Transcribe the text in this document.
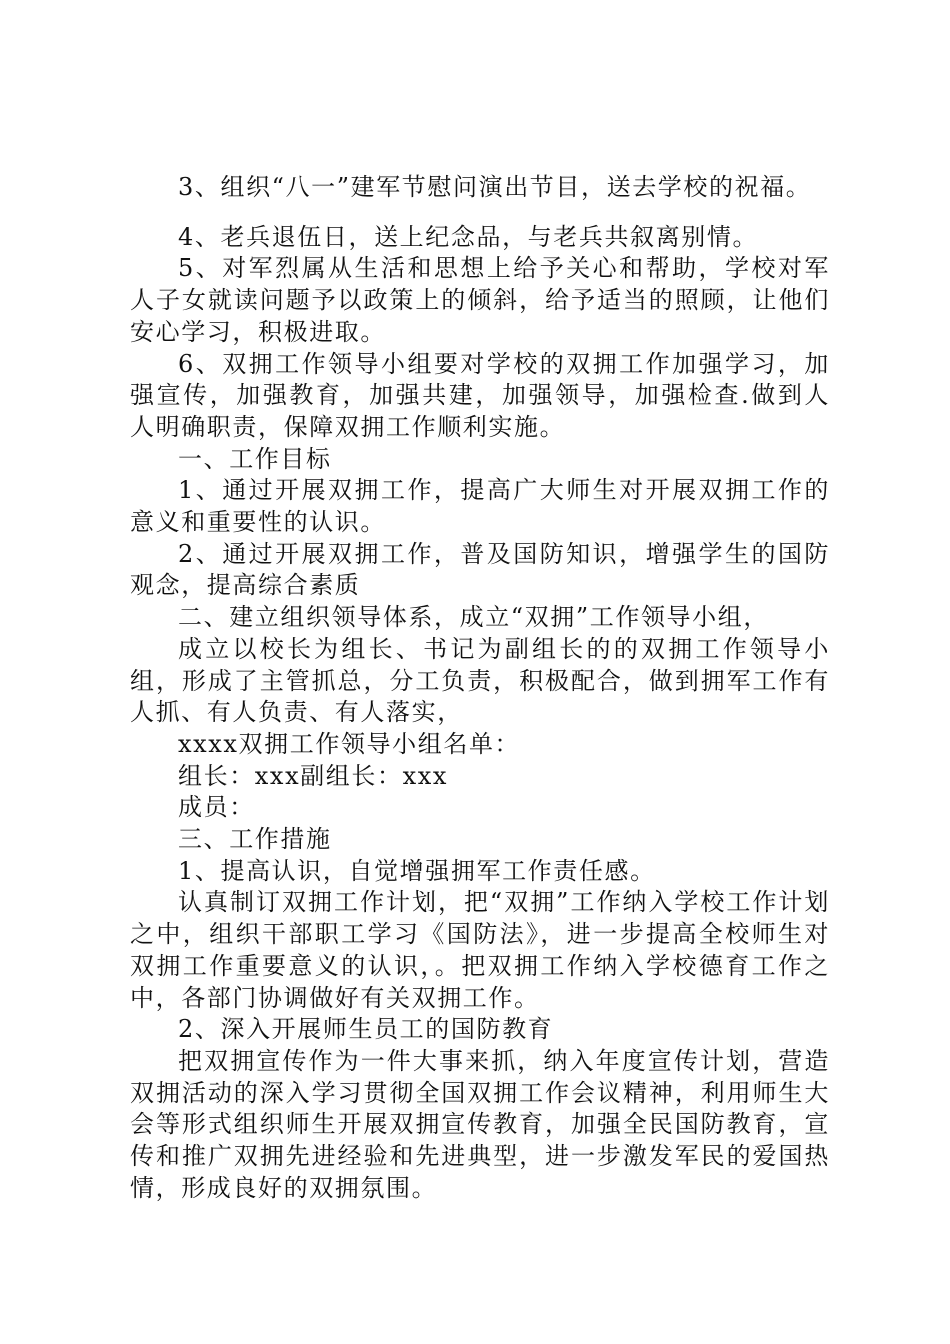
3、组织“八一”建军节慰问演出节目，送去学校的祝福。

4、老兵退伍日，送上纪念品，与老兵共叙离别情。

5、对军烈属从生活和思想上给予关心和帮助，学校对军人子女就读问题予以政策上的倾斜，给予适当的照顾，让他们安心学习，积极进取。

6、双拥工作领导小组要对学校的双拥工作加强学习，加强宣传，加强教育，加强共建，加强领导，加强检查.做到人人明确职责，保障双拥工作顺利实施。

一、工作目标

1、通过开展双拥工作，提高广大师生对开展双拥工作的意义和重要性的认识。

2、通过开展双拥工作，普及国防知识，增强学生的国防观念，提高综合素质

二、建立组织领导体系，成立“双拥”工作领导小组，

成立以校长为组长、书记为副组长的的双拥工作领导小组，形成了主管抓总，分工负责，积极配合，做到拥军工作有人抓、有人负责、有人落实，

xxxx双拥工作领导小组名单：

组长：xxx副组长：xxx

成员：

三、工作措施

1、提高认识，自觉增强拥军工作责任感。

认真制订双拥工作计划，把“双拥”工作纳入学校工作计划之中，组织干部职工学习《国防法》，进一步提高全校师生对双拥工作重要意义的认识，。把双拥工作纳入学校德育工作之中，各部门协调做好有关双拥工作。

2、深入开展师生员工的国防教育

把双拥宣传作为一件大事来抓，纳入年度宣传计划，营造双拥活动的深入学习贯彻全国双拥工作会议精神，利用师生大会等形式组织师生开展双拥宣传教育，加强全民国防教育，宣传和推广双拥先进经验和先进典型，进一步激发军民的爱国热情，形成良好的双拥氛围。
